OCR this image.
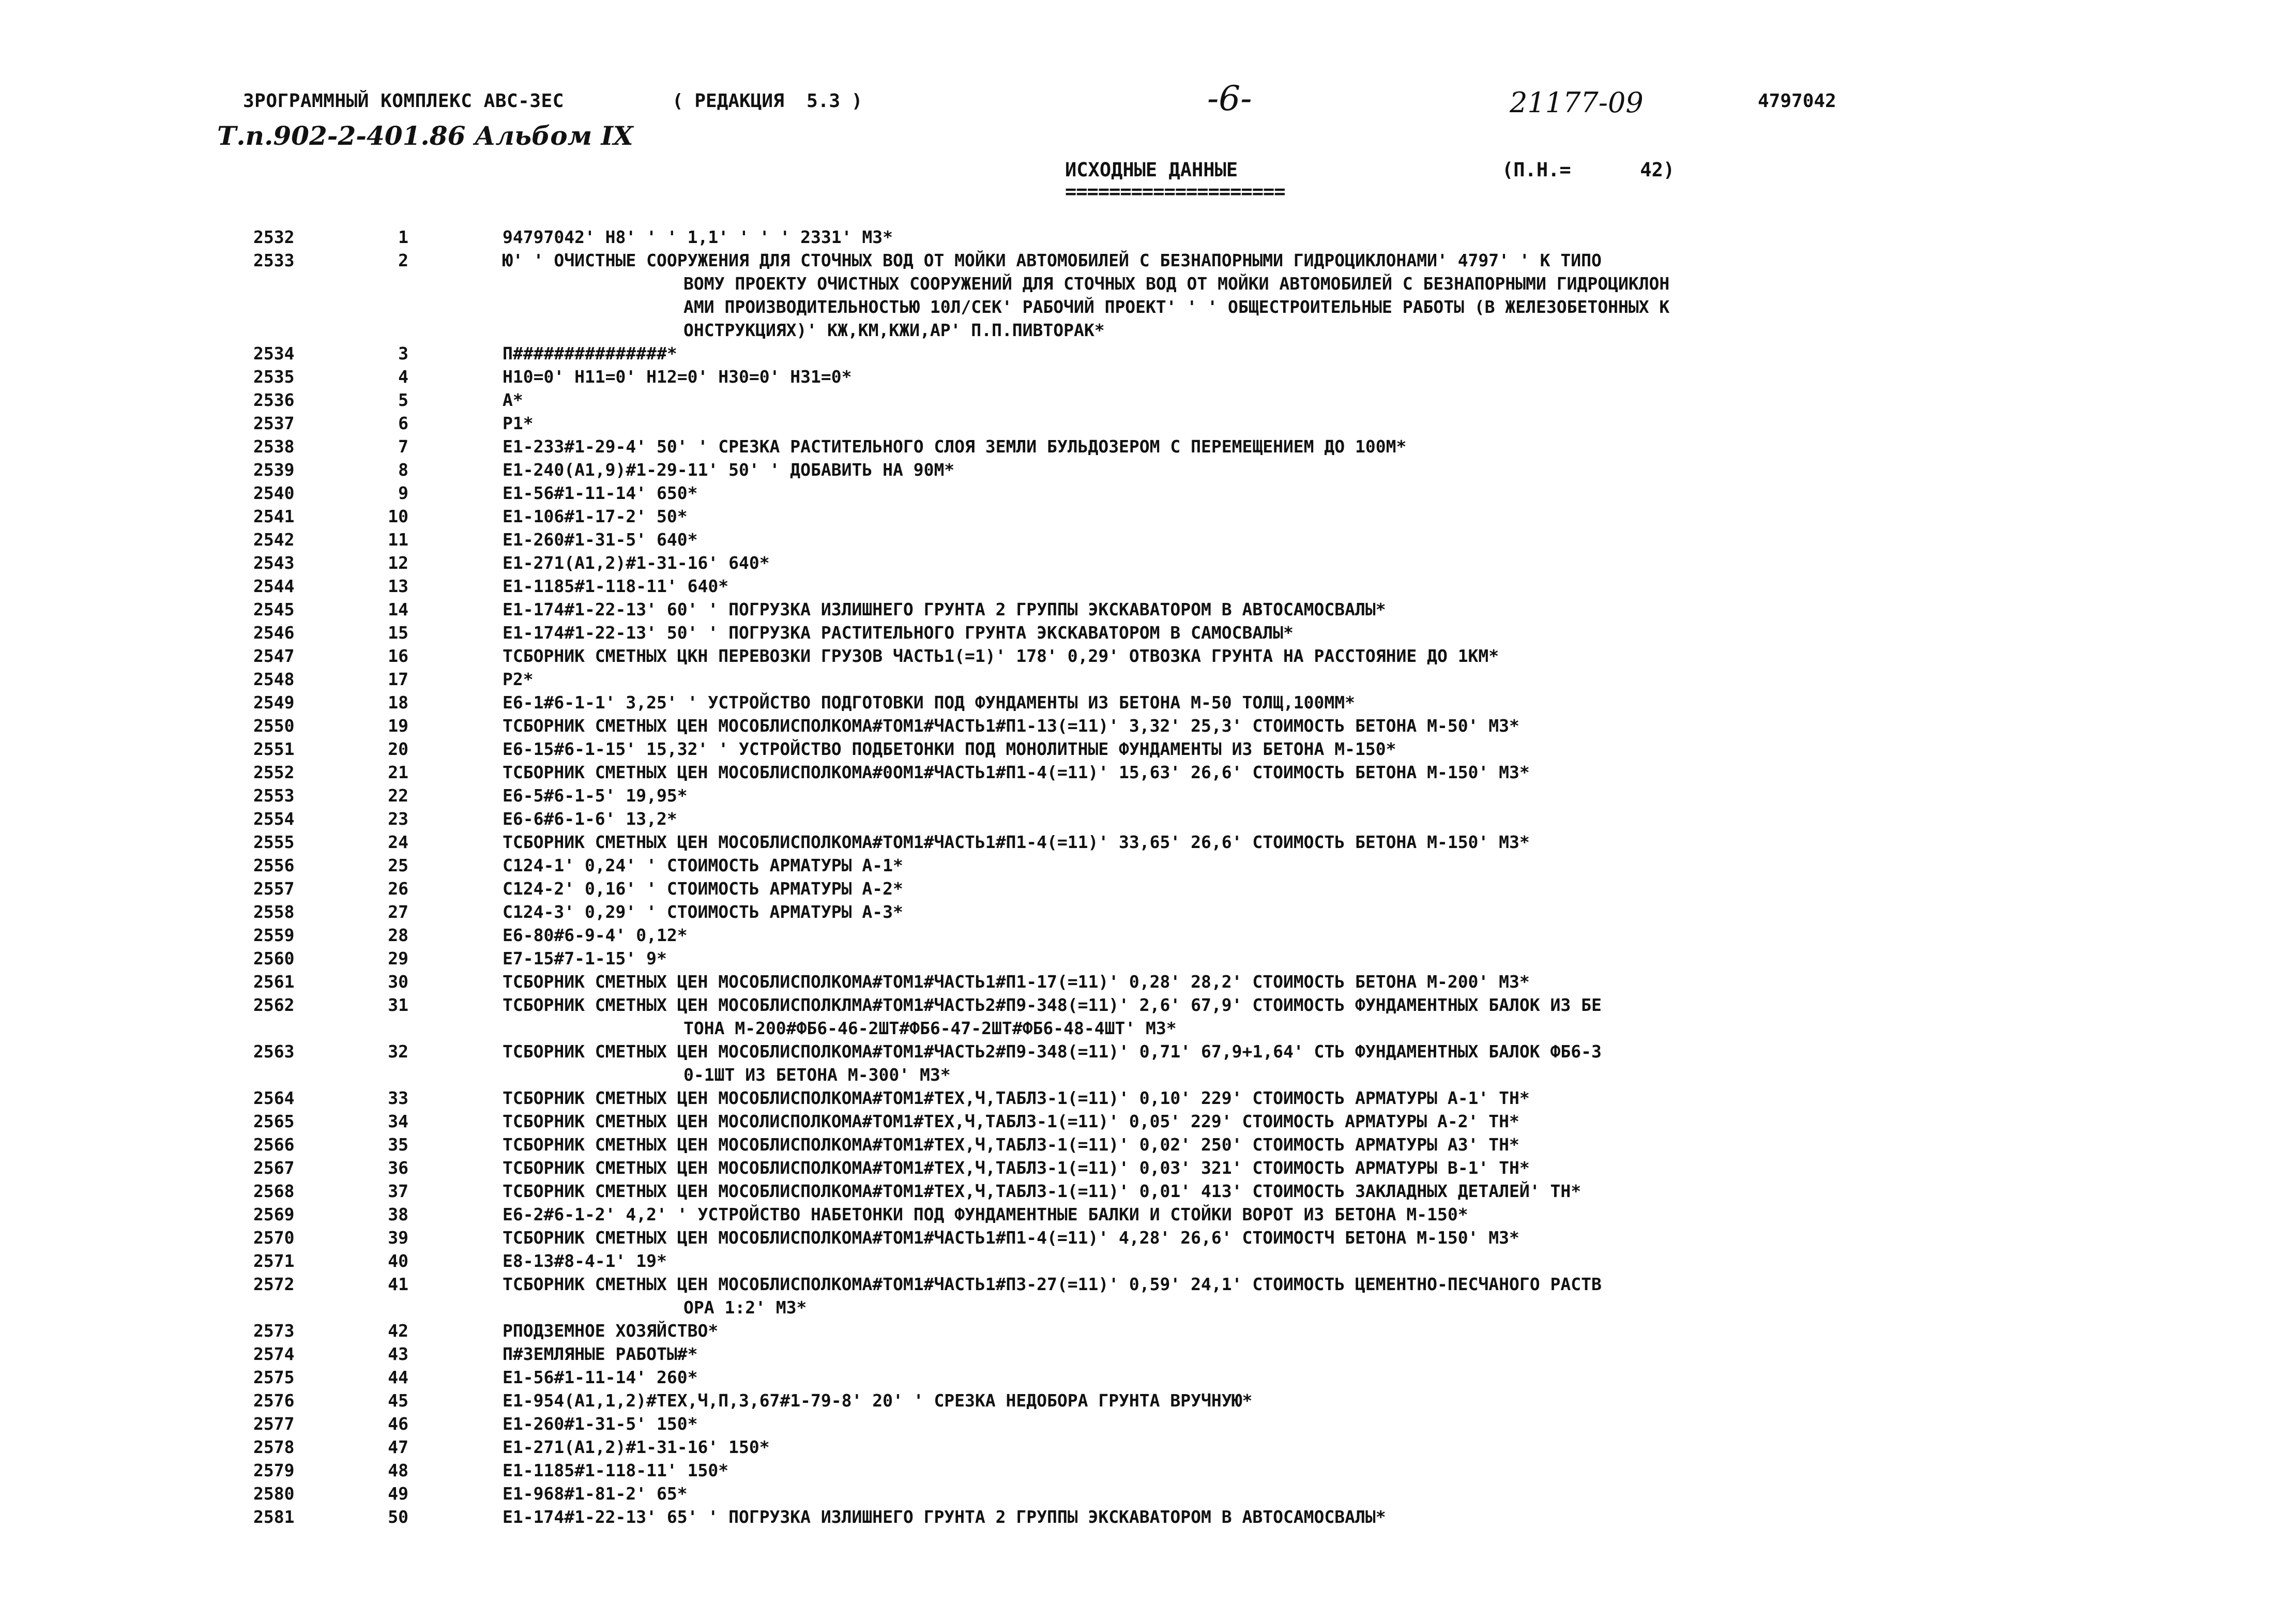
ЗРОГРАММНЫЙ КОМПЛЕКС АВС-ЗЕС	( РЕДАКЦИЯ  5.3 )	-6-	21177-09	4797042
Т.п.902-2-401.86 Альбом IX
ИСХОДНЫЕ ДАННЫЕ
====================
(П.Н.=      42)
2532	1	94797042' Н8' ' ' 1,1' ' ' ' 2331' М3*
2533	2	Ю' ' ОЧИСТНЫЕ СООРУЖЕНИЯ ДЛЯ СТОЧНЫХ ВОД ОТ МОЙКИ АВТОМОБИЛЕЙ С БЕЗНАПОРНЫМИ ГИДРОЦИКЛОНАМИ' 4797' ' К ТИПО
ВОМУ ПРОЕКТУ ОЧИСТНЫХ СООРУЖЕНИЙ ДЛЯ СТОЧНЫХ ВОД ОТ МОЙКИ АВТОМОБИЛЕЙ С БЕЗНАПОРНЫМИ ГИДРОЦИКЛОН
АМИ ПРОИЗВОДИТЕЛЬНОСТЬЮ 10Л/СЕК' РАБОЧИЙ ПРОЕКТ' ' ' ОБЩЕСТРОИТЕЛЬНЫЕ РАБОТЫ (В ЖЕЛЕЗОБЕТОННЫХ К
ОНСТРУКЦИЯХ)' КЖ,КМ,КЖИ,АР' П.П.ПИВТОРАК*
2534	3	П###############*
2535	4	Н10=0' Н11=0' Н12=0' Н30=0' Н31=0*
2536	5	А*
2537	6	Р1*
2538	7	Е1-233#1-29-4' 50' ' СРЕЗКА РАСТИТЕЛЬНОГО СЛОЯ ЗЕМЛИ БУЛЬДОЗЕРОМ С ПЕРЕМЕЩЕНИЕМ ДО 100М*
2539	8	Е1-240(А1,9)#1-29-11' 50' ' ДОБАВИТЬ НА 90М*
2540	9	Е1-56#1-11-14' 650*
2541	10	Е1-106#1-17-2' 50*
2542	11	Е1-260#1-31-5' 640*
2543	12	Е1-271(А1,2)#1-31-16' 640*
2544	13	Е1-1185#1-118-11' 640*
2545	14	Е1-174#1-22-13' 60' ' ПОГРУЗКА ИЗЛИШНЕГО ГРУНТА 2 ГРУППЫ ЭКСКАВАТОРОМ В АВТОСАМОСВАЛЫ*
2546	15	Е1-174#1-22-13' 50' ' ПОГРУЗКА РАСТИТЕЛЬНОГО ГРУНТА ЭКСКАВАТОРОМ В САМОСВАЛЫ*
2547	16	ТСБОРНИК СМЕТНЫХ ЦКН ПЕРЕВОЗКИ ГРУЗОВ ЧАСТЬ1(=1)' 178' 0,29' ОТВОЗКА ГРУНТА НА РАССТОЯНИЕ ДО 1КМ*
2548	17	Р2*
2549	18	Е6-1#6-1-1' 3,25' ' УСТРОЙСТВО ПОДГОТОВКИ ПОД ФУНДАМЕНТЫ ИЗ БЕТОНА М-50 ТОЛЩ,100ММ*
2550	19	ТСБОРНИК СМЕТНЫХ ЦЕН МОСОБЛИСПОЛКОМА#ТОМ1#ЧАСТЬ1#П1-13(=11)' 3,32' 25,3' СТОИМОСТЬ БЕТОНА М-50' М3*
2551	20	Е6-15#6-1-15' 15,32' ' УСТРОЙСТВО ПОДБЕТОНКИ ПОД МОНОЛИТНЫЕ ФУНДАМЕНТЫ ИЗ БЕТОНА М-150*
2552	21	ТСБОРНИК СМЕТНЫХ ЦЕН МОСОБЛИСПОЛКОМА#0ОМ1#ЧАСТЬ1#П1-4(=11)' 15,63' 26,6' СТОИМОСТЬ БЕТОНА М-150' М3*
2553	22	Е6-5#6-1-5' 19,95*
2554	23	Е6-6#6-1-6' 13,2*
2555	24	ТСБОРНИК СМЕТНЫХ ЦЕН МОСОБЛИСПОЛКОМА#ТОМ1#ЧАСТЬ1#П1-4(=11)' 33,65' 26,6' СТОИМОСТЬ БЕТОНА М-150' М3*
2556	25	С124-1' 0,24' ' СТОИМОСТЬ АРМАТУРЫ А-1*
2557	26	С124-2' 0,16' ' СТОИМОСТЬ АРМАТУРЫ А-2*
2558	27	С124-3' 0,29' ' СТОИМОСТЬ АРМАТУРЫ А-3*
2559	28	Е6-80#6-9-4' 0,12*
2560	29	Е7-15#7-1-15' 9*
2561	30	ТСБОРНИК СМЕТНЫХ ЦЕН МОСОБЛИСПОЛКОМА#ТОМ1#ЧАСТЬ1#П1-17(=11)' 0,28' 28,2' СТОИМОСТЬ БЕТОНА М-200' М3*
2562	31	ТСБОРНИК СМЕТНЫХ ЦЕН МОСОБЛИСПОЛКЛМА#ТОМ1#ЧАСТЬ2#П9-348(=11)' 2,6' 67,9' СТОИМОСТЬ ФУНДАМЕНТНЫХ БАЛОК ИЗ БЕ
ТОНА М-200#ФБ6-46-2ШТ#ФБ6-47-2ШТ#ФБ6-48-4ШТ' М3*
2563	32	ТСБОРНИК СМЕТНЫХ ЦЕН МОСОБЛИСПОЛКОМА#ТОМ1#ЧАСТЬ2#П9-348(=11)' 0,71' 67,9+1,64' СТЬ ФУНДАМЕНТНЫХ БАЛОК ФБ6-3
0-1ШТ ИЗ БЕТОНА М-300' М3*
2564	33	ТСБОРНИК СМЕТНЫХ ЦЕН МОСОБЛИСПОЛКОМА#ТОМ1#ТЕХ,Ч,ТАБЛ3-1(=11)' 0,10' 229' СТОИМОСТЬ АРМАТУРЫ А-1' ТН*
2565	34	ТСБОРНИК СМЕТНЫХ ЦЕН МОСОЛИСПОЛКОМА#ТОМ1#ТЕХ,Ч,ТАБЛ3-1(=11)' 0,05' 229' СТОИМОСТЬ АРМАТУРЫ А-2' ТН*
2566	35	ТСБОРНИК СМЕТНЫХ ЦЕН МОСОБЛИСПОЛКОМА#ТОМ1#ТЕХ,Ч,ТАБЛ3-1(=11)' 0,02' 250' СТОИМОСТЬ АРМАТУРЫ А3' ТН*
2567	36	ТСБОРНИК СМЕТНЫХ ЦЕН МОСОБЛИСПОЛКОМА#ТОМ1#ТЕХ,Ч,ТАБЛ3-1(=11)' 0,03' 321' СТОИМОСТЬ АРМАТУРЫ В-1' ТН*
2568	37	ТСБОРНИК СМЕТНЫХ ЦЕН МОСОБЛИСПОЛКОМА#ТОМ1#ТЕХ,Ч,ТАБЛ3-1(=11)' 0,01' 413' СТОИМОСТЬ ЗАКЛАДНЫХ ДЕТАЛЕЙ' ТН*
2569	38	Е6-2#6-1-2' 4,2' ' УСТРОЙСТВО НАБЕТОНКИ ПОД ФУНДАМЕНТНЫЕ БАЛКИ И СТОЙКИ ВОРОТ ИЗ БЕТОНА М-150*
2570	39	ТСБОРНИК СМЕТНЫХ ЦЕН МОСОБЛИСПОЛКОМА#ТОМ1#ЧАСТЬ1#П1-4(=11)' 4,28' 26,6' СТОИМОСТЧ БЕТОНА М-150' М3*
2571	40	Е8-13#8-4-1' 19*
2572	41	ТСБОРНИК СМЕТНЫХ ЦЕН МОСОБЛИСПОЛКОМА#ТОМ1#ЧАСТЬ1#П3-27(=11)' 0,59' 24,1' СТОИМОСТЬ ЦЕМЕНТНО-ПЕСЧАНОГО РАСТВ
ОРА 1:2' М3*
2573	42	РПОДЗЕМНОЕ ХОЗЯЙСТВО*
2574	43	П#ЗЕМЛЯНЫЕ РАБОТЫ#*
2575	44	Е1-56#1-11-14' 260*
2576	45	Е1-954(А1,1,2)#ТЕХ,Ч,П,3,67#1-79-8' 20' ' СРЕЗКА НЕДОБОРА ГРУНТА ВРУЧНУЮ*
2577	46	Е1-260#1-31-5' 150*
2578	47	Е1-271(А1,2)#1-31-16' 150*
2579	48	Е1-1185#1-118-11' 150*
2580	49	Е1-968#1-81-2' 65*
2581	50	Е1-174#1-22-13' 65' ' ПОГРУЗКА ИЗЛИШНЕГО ГРУНТА 2 ГРУППЫ ЭКСКАВАТОРОМ В АВТОСАМОСВАЛЫ*
